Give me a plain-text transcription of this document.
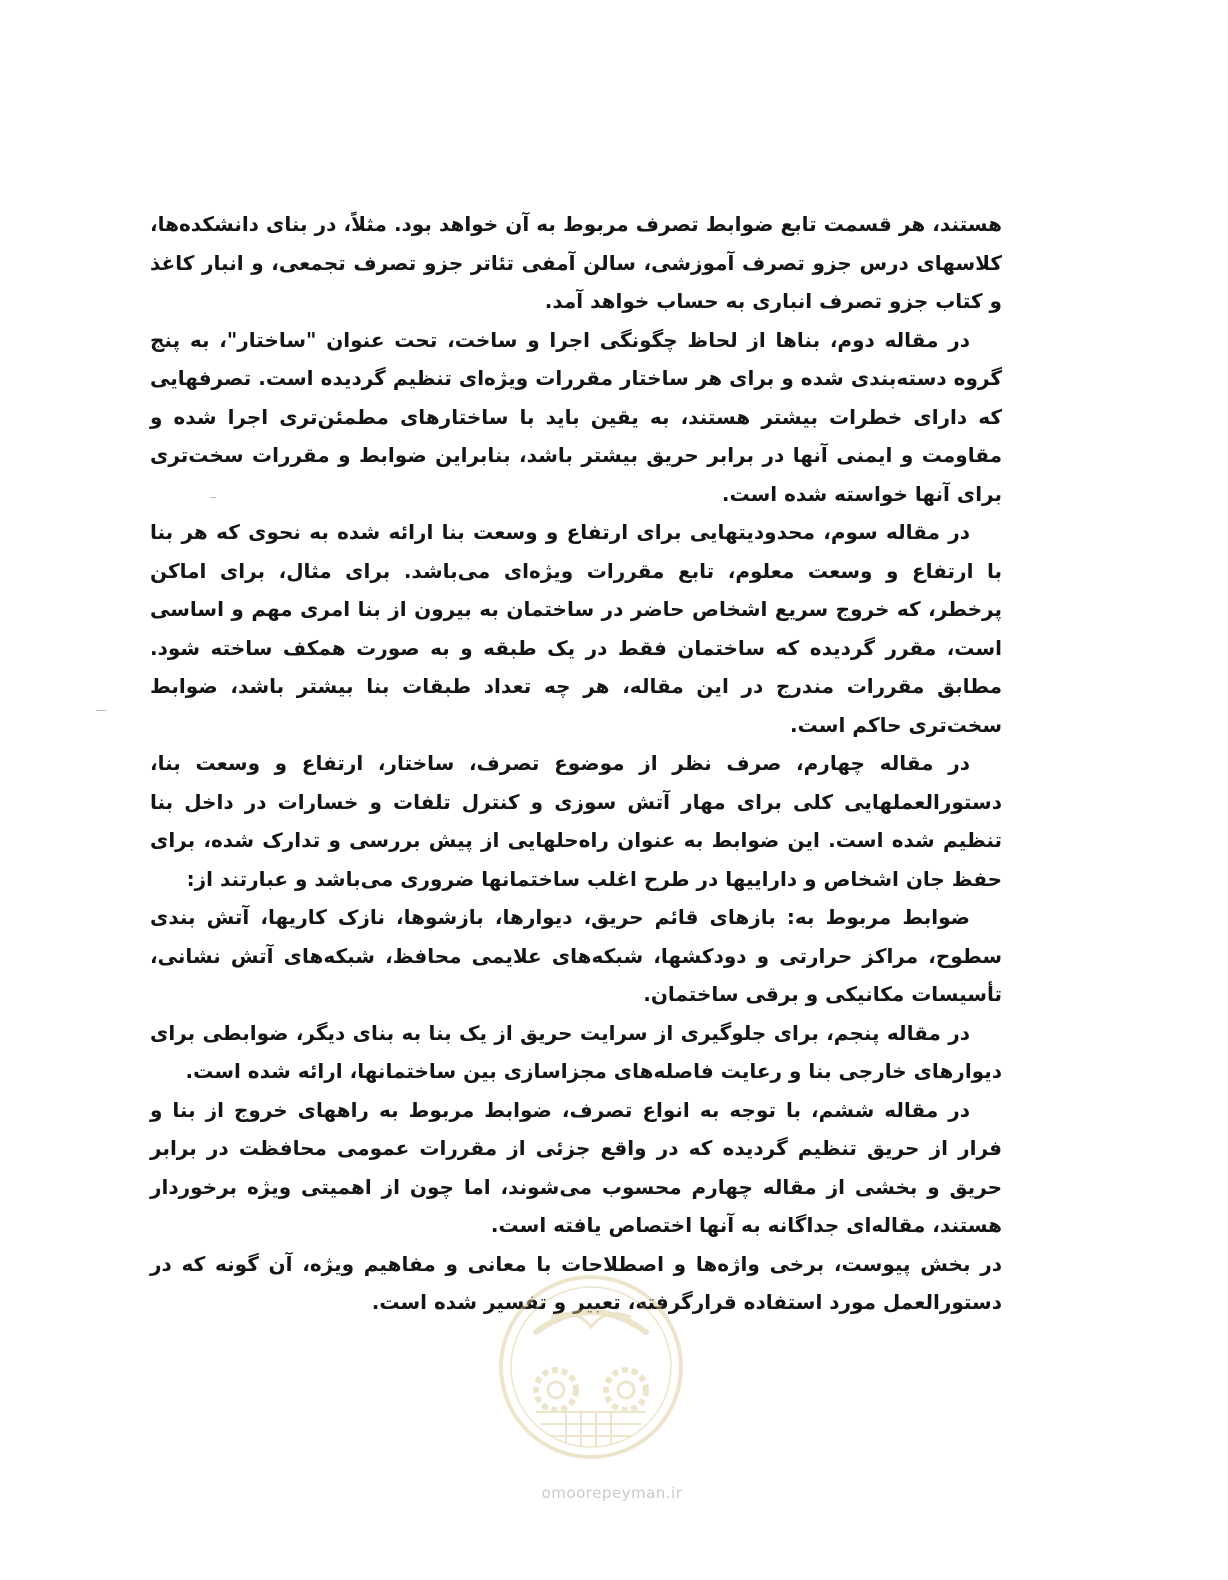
هستند، هر قسمت تابع ضوابط تصرف مربوط به آن خواهد بود. مثلاً، در بنای دانشکده‌ها، کلاسهای درس جزو تصرف آموزشی، سالن آمفی تئاتر جزو تصرف تجمعی، و انبار کاغذ و کتاب جزو تصرف انباری به حساب خواهد آمد.

در مقاله دوم، بناها از لحاظ چگونگی اجرا و ساخت، تحت عنوان "ساختار"، به پنج گروه دسته‌بندی شده و برای هر ساختار مقررات ویژه‌ای تنظیم گردیده است. تصرفهایی که دارای خطرات بیشتر هستند، به یقین باید با ساختارهای مطمئن‌تری اجرا شده و مقاومت و ایمنی آنها در برابر حریق بیشتر باشد، بنابراین ضوابط و مقررات سخت‌تری برای آنها خواسته شده است.

در مقاله سوم، محدودیتهایی برای ارتفاع و وسعت بنا ارائه شده به نحوی که هر بنا با ارتفاع و وسعت معلوم، تابع مقررات ویژه‌ای می‌باشد. برای مثال، برای اماکن پرخطر، که خروج سریع اشخاص حاضر در ساختمان به بیرون از بنا امری مهم و اساسی است، مقرر گردیده که ساختمان فقط در یک طبقه و به صورت همکف ساخته شود. مطابق مقررات مندرج در این مقاله، هر چه تعداد طبقات بنا بیشتر باشد، ضوابط سخت‌تری حاکم است.

در مقاله چهارم، صرف نظر از موضوع تصرف، ساختار، ارتفاع و وسعت بنا، دستورالعملهایی کلی برای مهار آتش سوزی و کنترل تلفات و خسارات در داخل بنا تنظیم شده است. این ضوابط به عنوان راه‌حلهایی از پیش بررسی و تدارک شده، برای حفظ جان اشخاص و داراییها در طرح اغلب ساختمانها ضروری می‌باشد و عبارتند از:

ضوابط مربوط به: بازهای قائم حریق، دیوارها، بازشوها، نازک کاریها، آتش بندی سطوح، مراکز حرارتی و دودکشها، شبکه‌های علایمی محافظ، شبکه‌های آتش نشانی، تأسیسات مکانیکی و برقی ساختمان.

در مقاله پنجم، برای جلوگیری از سرایت حریق از یک بنا به بنای دیگر، ضوابطی برای دیوارهای خارجی بنا و رعایت فاصله‌های مجزاسازی بین ساختمانها، ارائه شده است.

در مقاله ششم، با توجه به انواع تصرف، ضوابط مربوط به راههای خروج از بنا و فرار از حریق تنظیم گردیده که در واقع جزئی از مقررات عمومی محافظت در برابر حریق و بخشی از مقاله چهارم محسوب می‌شوند، اما چون از اهمیتی ویژه برخوردار هستند، مقاله‌ای جداگانه به آنها اختصاص یافته است.

در بخش پیوست، برخی واژه‌ها و اصطلاحات با معانی و مفاهیم ویژه، آن گونه که در دستورالعمل مورد استفاده قرارگرفته، تعبیر و تفسیر شده است.

omoorepeyman.ir
